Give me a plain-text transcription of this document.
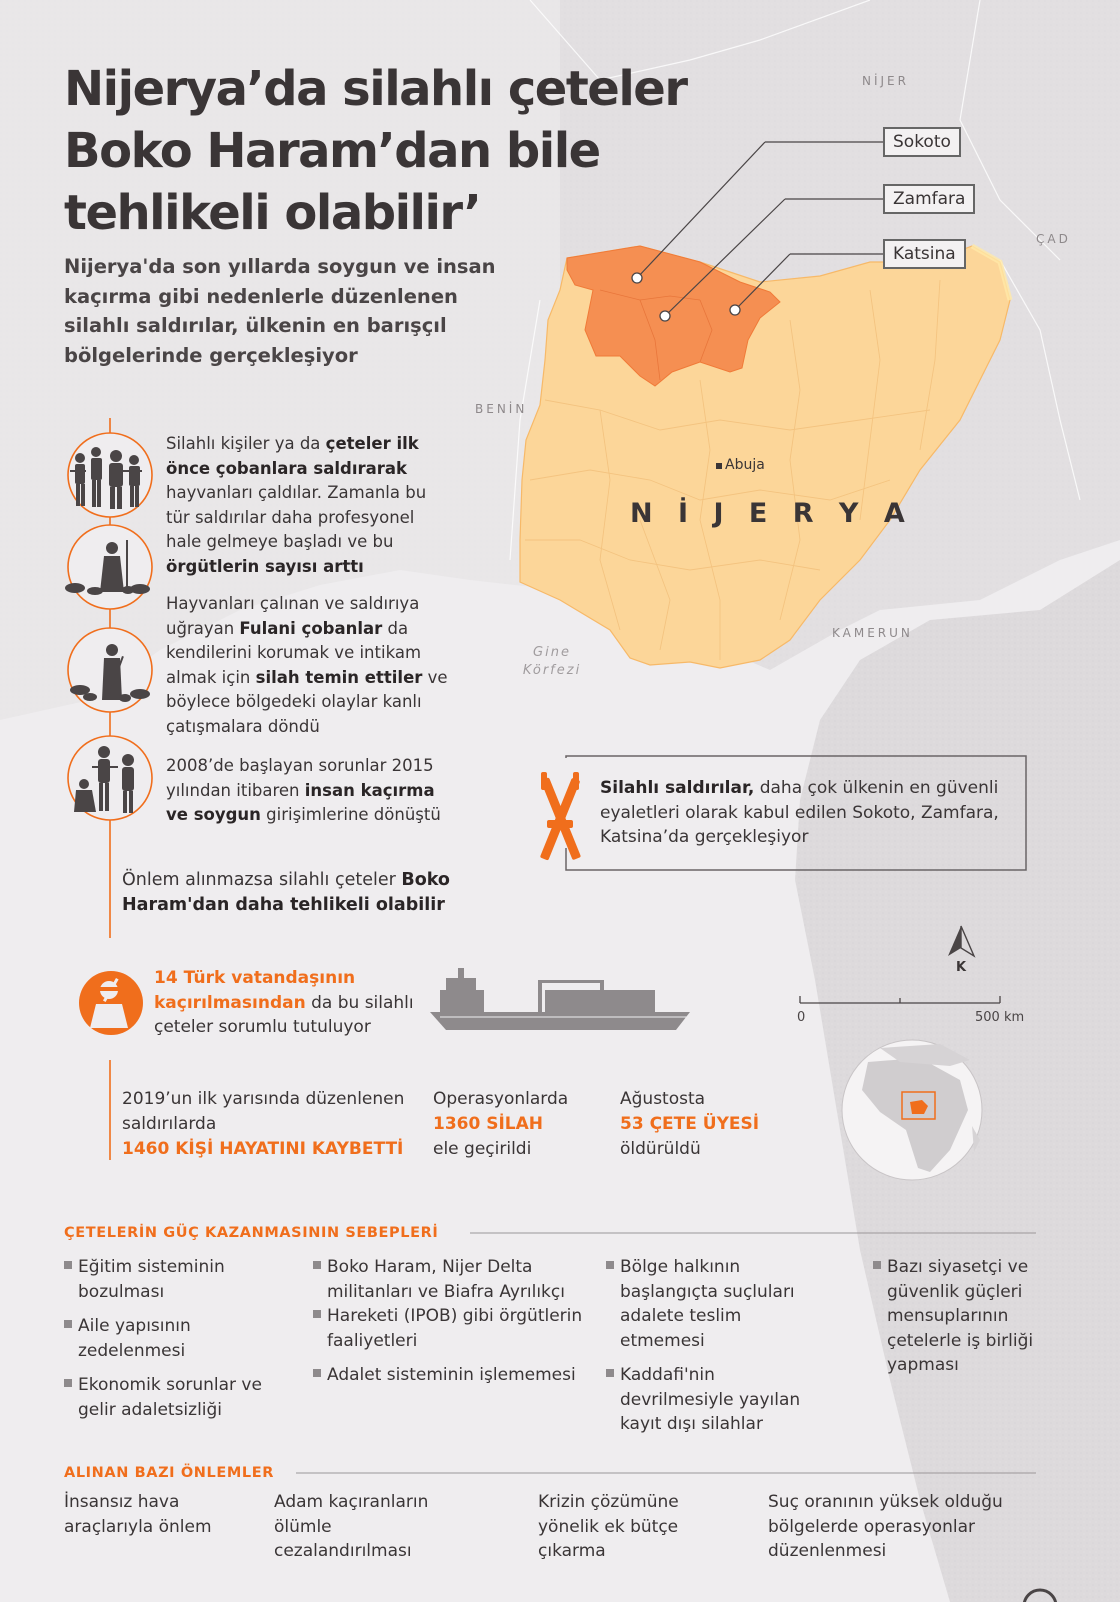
Nijerya’da silahlı çeteler
Boko Haram’dan bile
tehlikeli olabilir’

Nijerya'da son yıllarda soygun ve insan kaçırma gibi nedenlerle düzenlenen silahlı saldırılar, ülkenin en barışçıl bölgelerinde gerçekleşiyor

NİJER
ÇAD
BENİN
KAMERUN
Gine
Körfezi
N İ J E R Y A
Abuja
Sokoto
Zamfara
Katsina
K
0	500 km
Silahlı kişiler ya da çeteler ilk önce çobanlara saldırarak hayvanları çaldılar. Zamanla bu tür saldırılar daha profesyonel hale gelmeye başladı ve bu örgütlerin sayısı arttı
Hayvanları çalınan ve saldırıya uğrayan Fulani çobanlar da kendilerini korumak ve intikam almak için silah temin ettiler ve böylece bölgedeki olaylar kanlı çatışmalara döndü
2008’de başlayan sorunlar 2015 yılından itibaren insan kaçırma ve soygun girişimlerine dönüştü
Önlem alınmazsa silahlı çeteler Boko Haram'dan daha tehlikeli olabilir
Silahlı saldırılar, daha çok ülkenin en güvenli eyaletleri olarak kabul edilen Sokoto, Zamfara, Katsina’da gerçekleşiyor
14 Türk vatandaşının kaçırılmasından da bu silahlı çeteler sorumlu tutuluyor
2019’un ilk yarısında düzenlenen saldırılarda
1460 KİŞİ HAYATINI KAYBETTİ
Operasyonlarda
1360 SİLAH
ele geçirildi
Ağustosta
53 ÇETE ÜYESİ
öldürüldü
ÇETELERİN GÜÇ KAZANMASININ SEBEPLERİ
Eğitim sisteminin bozulması
Aile yapısının zedelenmesi
Ekonomik sorunlar ve gelir adaletsizliği
Boko Haram, Nijer Delta militanları ve Biafra Ayrılıkçı
Hareketi (IPOB) gibi örgütlerin faaliyetleri
Adalet sisteminin işlememesi
Bölge halkının başlangıçta suçluları adalete teslim etmemesi
Kaddafi'nin devrilmesiyle yayılan kayıt dışı silahlar
Bazı siyasetçi ve güvenlik güçleri mensuplarının çetelerle iş birliği yapması
ALINAN BAZI ÖNLEMLER
İnsansız hava araçlarıyla önlem
Adam kaçıranların ölümle cezalandırılması
Krizin çözümüne yönelik ek bütçe çıkarma
Suç oranının yüksek olduğu bölgelerde operasyonlar düzenlenmesi
